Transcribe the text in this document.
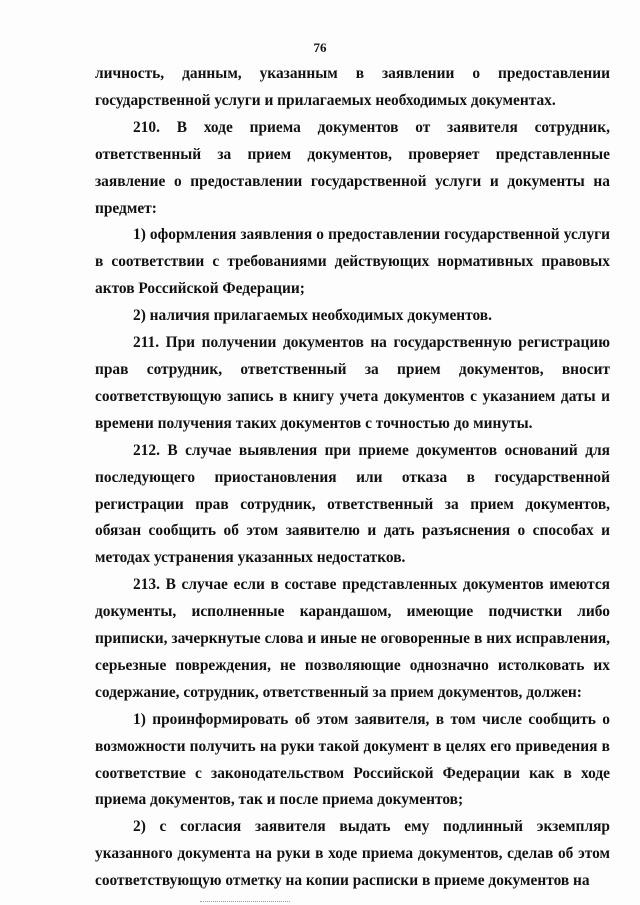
76

личность, данным, указанным в заявлении о предоставлении государственной услуги и прилагаемых необходимых документах.

210. В ходе приема документов от заявителя сотрудник, ответственный за прием документов, проверяет представленные заявление о предоставлении государственной услуги и документы на предмет:

1) оформления заявления о предоставлении государственной услуги в соответствии с требованиями действующих нормативных правовых актов Российской Федерации;

2) наличия прилагаемых необходимых документов.

211. При получении документов на государственную регистрацию прав сотрудник, ответственный за прием документов, вносит соответствующую запись в книгу учета документов с указанием даты и времени получения таких документов с точностью до минуты.

212. В случае выявления при приеме документов оснований для последующего приостановления или отказа в государственной регистрации прав сотрудник, ответственный за прием документов, обязан сообщить об этом заявителю и дать разъяснения о способах и методах устранения указанных недостатков.

213. В случае если в составе представленных документов имеются документы, исполненные карандашом, имеющие подчистки либо приписки, зачеркнутые слова и иные не оговоренные в них исправления, серьезные повреждения, не позволяющие однозначно истолковать их содержание, сотрудник, ответственный за прием документов, должен:

1) проинформировать об этом заявителя, в том числе сообщить о возможности получить на руки такой документ в целях его приведения в соответствие с законодательством Российской Федерации как в ходе приема документов, так и после приема документов;

2) с согласия заявителя выдать ему подлинный экземпляр указанного документа на руки в ходе приема документов, сделав об этом соответствующую отметку на копии расписки в приеме документов на
